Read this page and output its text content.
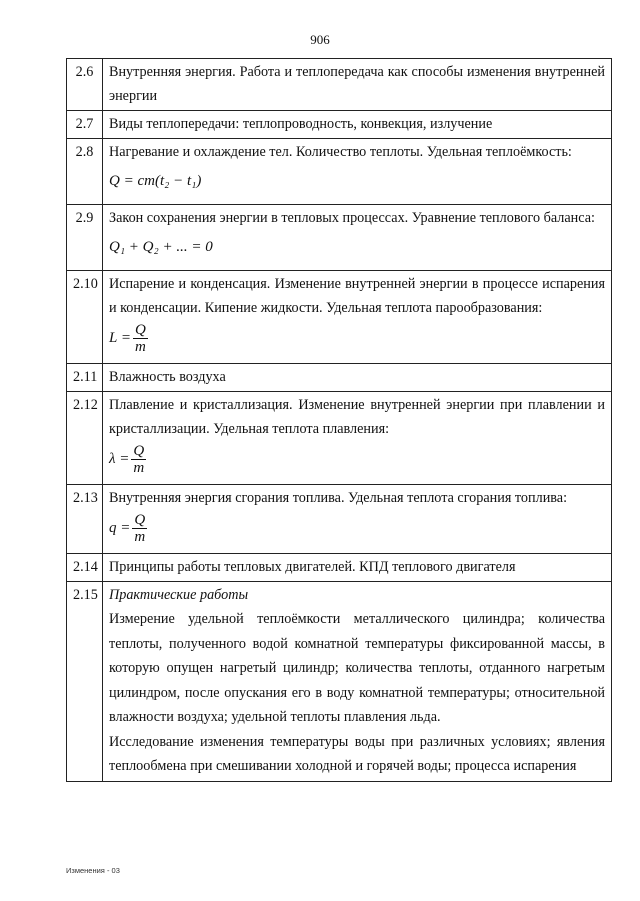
906
2.6	Внутренняя энергия. Работа и теплопередача как способы изменения внутренней энергии
2.7	Виды теплопередачи: теплопроводность, конвекция, излучение
2.8	Нагревание и охлаждение тел. Количество теплоты. Удельная теплоёмкость:
Q = cm(t₂ − t₁)

2.9	Закон сохранения энергии в тепловых процессах. Уравнение теплового баланса:
Q₁ + Q₂ + ... = 0

2.10	Испарение и конденсация. Изменение внутренней энергии в процессе испарения и конденсации. Кипение жидкости. Удельная теплота парообразования:
$L = \frac{Q}{m}$

2.11	Влажность воздуха
2.12	Плавление и кристаллизация. Изменение внутренней энергии при плавлении и кристаллизации. Удельная теплота плавления:
$\lambda = \frac{Q}{m}$

2.13	Внутренняя энергия сгорания топлива. Удельная теплота сгорания топлива:
$q = \frac{Q}{m}$

2.14	Принципы работы тепловых двигателей. КПД теплового двигателя
2.15	Практические работы
Измерение удельной теплоёмкости металлического цилиндра; количества теплоты, полученного водой комнатной температуры фиксированной массы, в которую опущен нагретый цилиндр; количества теплоты, отданного нагретым цилиндром, после опускания его в воду комнатной температуры; относительной влажности воздуха; удельной теплоты плавления льда.
Исследование изменения температуры воды при различных условиях; явления теплообмена при смешивании холодной и горячей воды; процесса испарения
Изменения - 03
